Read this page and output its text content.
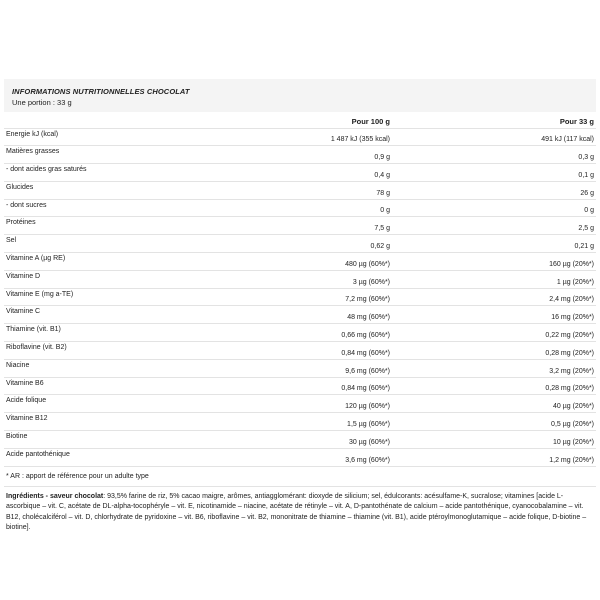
INFORMATIONS NUTRITIONNELLES CHOCOLAT
Une portion : 33 g
	Pour 100 g	Pour 33 g
Energie kJ (kcal)	1 487 kJ (355 kcal)	491 kJ (117 kcal)
Matières grasses	0,9 g	0,3 g
- dont acides gras saturés	0,4 g	0,1 g
Glucides	78 g	26 g
- dont sucres	0 g	0 g
Protéines	7,5 g	2,5 g
Sel	0,62 g	0,21 g
Vitamine A (µg RE)	480 µg (60%*)	160 µg (20%*)
Vitamine D	3 µg (60%*)	1 µg (20%*)
Vitamine E (mg a-TE)	7,2 mg (60%*)	2,4 mg (20%*)
Vitamine C	48 mg (60%*)	16 mg (20%*)
Thiamine (vit. B1)	0,66 mg (60%*)	0,22 mg (20%*)
Riboflavine (vit. B2)	0,84 mg (60%*)	0,28 mg (20%*)
Niacine	9,6 mg (60%*)	3,2 mg (20%*)
Vitamine B6	0,84 mg (60%*)	0,28 mg (20%*)
Acide folique	120 µg (60%*)	40 µg (20%*)
Vitamine B12	1,5 µg (60%*)	0,5 µg (20%*)
Biotine	30 µg (60%*)	10 µg (20%*)
Acide pantothénique	3,6 mg (60%*)	1,2 mg (20%*)
* AR : apport de référence pour un adulte type
Ingrédients - saveur chocolat: 93,5% farine de riz, 5% cacao maigre, arômes, antiagglomérant: dioxyde de silicium; sel, édulcorants: acésulfame-K, sucralose; vitamines [acide L-ascorbique – vit. C, acétate de DL-alpha-tocophéryle – vit. E, nicotinamide – niacine, acétate de rétinyle – vit. A, D-pantothénate de calcium – acide pantothénique, cyanocobalamine – vit. B12, cholécalciférol – vit. D, chlorhydrate de pyridoxine – vit. B6, riboflavine – vit. B2, mononitrate de thiamine – thiamine (vit. B1), acide ptéroylmonoglutamique – acide folique, D-biotine – biotine].
